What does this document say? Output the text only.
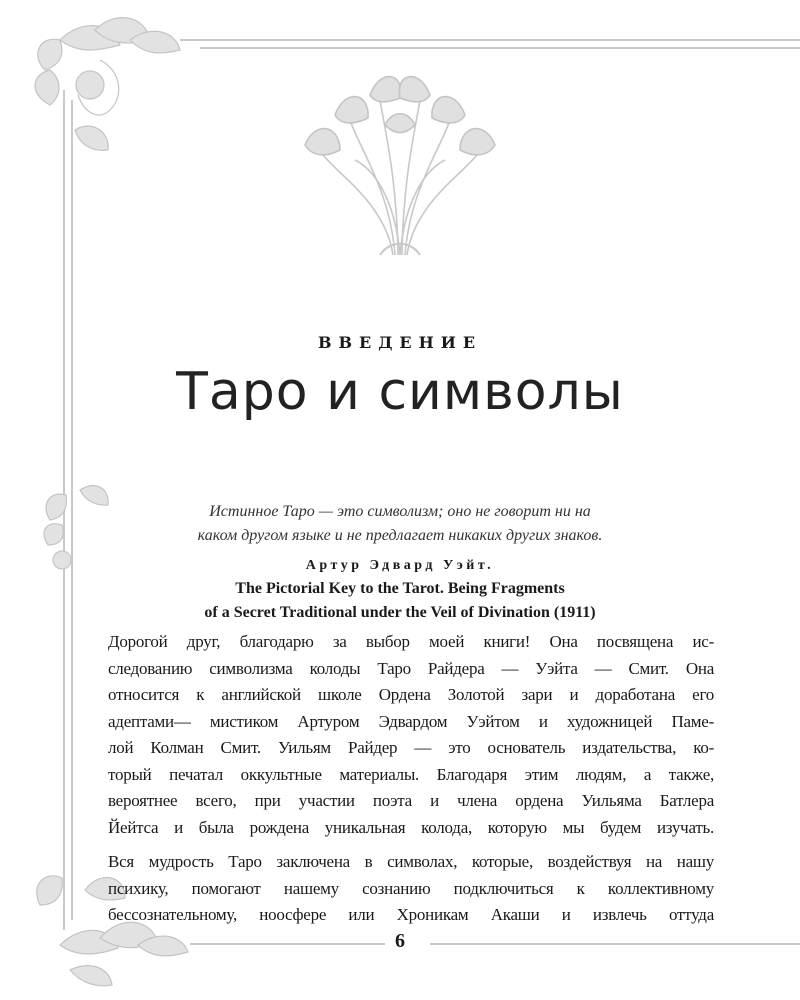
ВВЕДЕНИЕ
Таро и символы
Истинное Таро — это символизм; оно не говорит ни на
каком другом языке и не предлагает никаких других знаков.
Артур Эдвард Уэйт.
The Pictorial Key to the Tarot. Being Fragments
of a Secret Traditional under the Veil of Divination (1911)

Дорогой друг, благодарю за выбор моей книги! Она посвящена ис-
следованию символизма колоды Таро Райдера — Уэйта — Смит. Она
относится к английской школе Ордена Золотой зари и доработана его
адептами— мистиком Артуром Эдвардом Уэйтом и художницей Паме-
лой Колман Смит. Уильям Райдер — это основатель издательства, ко-
торый печатал оккультные материалы. Благодаря этим людям, а также,
вероятнее всего, при участии поэта и члена ордена Уильяма Батлера
Йейтса и была рождена уникальная колода, которую мы будем изучать.

Вся мудрость Таро заключена в символах, которые, воздействуя на нашу
психику, помогают нашему сознанию подключиться к коллективному
бессознательному, ноосфере или Хроникам Акаши и извлечь оттуда

6
